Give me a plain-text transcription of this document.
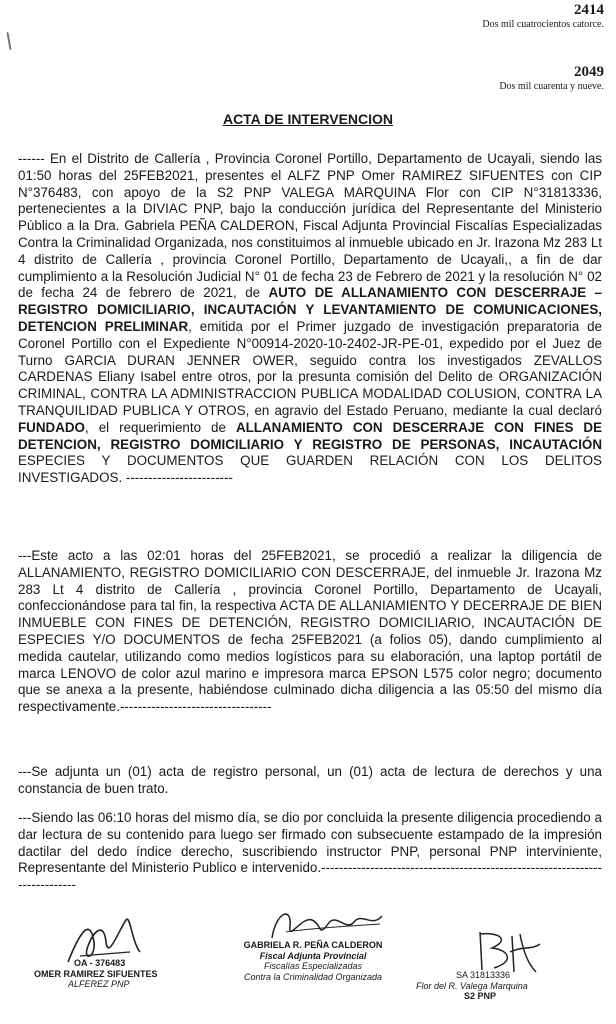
2414
Dos mil cuatrocientos catorce.
2049
Dos mil cuarenta y nueve.
ACTA DE INTERVENCION

------ En el Distrito de Callería , Provincia Coronel Portillo, Departamento de Ucayali, siendo las 01:50 horas del 25FEB2021, presentes el ALFZ PNP Omer RAMIREZ SIFUENTES con CIP N°376483, con apoyo de la S2 PNP VALEGA MARQUINA Flor con CIP N°31813336, pertenecientes a la DIVIAC PNP, bajo la conducción jurídica del Representante del Ministerio Público a la Dra. Gabriela PEÑA CALDERON, Fiscal Adjunta Provincial Fiscalías Especializadas Contra la Criminalidad Organizada, nos constituimos al inmueble ubicado en Jr. Irazona Mz 283 Lt 4 distrito de Callería , provincia Coronel Portillo, Departamento de Ucayali,, a fin de dar cumplimiento a la Resolución Judicial N° 01 de fecha 23 de Febrero de 2021 y la resolución N° 02 de fecha 24 de febrero de 2021, de AUTO DE ALLANAMIENTO CON DESCERRAJE – REGISTRO DOMICILIARIO, INCAUTACIÓN Y LEVANTAMIENTO DE COMUNICACIONES, DETENCION PRELIMINAR, emitida por el Primer juzgado de investigación preparatoria de Coronel Portillo con el Expediente N°00914-2020-10-2402-JR-PE-01, expedido por el Juez de Turno GARCIA DURAN JENNER OWER, seguido contra los investigados ZEVALLOS CARDENAS Eliany Isabel entre otros, por la presunta comisión del Delito de ORGANIZACIÓN CRIMINAL, CONTRA LA ADMINISTRACCION PUBLICA MODALIDAD COLUSION, CONTRA LA TRANQUILIDAD PUBLICA Y OTROS, en agravio del Estado Peruano, mediante la cual declaró FUNDADO, el requerimiento de ALLANAMIENTO CON DESCERRAJE CON FINES DE DETENCION, REGISTRO DOMICILIARIO Y REGISTRO DE PERSONAS, INCAUTACIÓN ESPECIES Y DOCUMENTOS QUE GUARDEN RELACIÓN CON LOS DELITOS INVESTIGADOS. ------------------------

---Este acto a las 02:01 horas del 25FEB2021, se procedió a realizar la diligencia de ALLANAMIENTO, REGISTRO DOMICILIARIO CON DESCERRAJE, del inmueble Jr. Irazona Mz 283 Lt 4 distrito de Callería , provincia Coronel Portillo, Departamento de Ucayali, confeccionándose para tal fin, la respectiva ACTA DE ALLANIAMIENTO Y DECERRAJE DE BIEN INMUEBLE CON FINES DE DETENCIÓN, REGISTRO DOMICILIARIO, INCAUTACIÓN DE ESPECIES Y/O DOCUMENTOS de fecha 25FEB2021 (a folios 05), dando cumplimiento al medida cautelar, utilizando como medios logísticos para su elaboración, una laptop portátil de marca LENOVO de color azul marino e impresora marca EPSON L575 color negro; documento que se anexa a la presente, habiéndose culminado dicha diligencia a las 05:50 del mismo día respectivamente.----------------------------------

---Se adjunta un (01) acta de registro personal, un (01) acta de lectura de derechos y una constancia de buen trato.

---Siendo las 06:10 horas del mismo día, se dio por concluida la presente diligencia procediendo a dar lectura de su contenido para luego ser firmado con subsecuente estampado de la impresión dactilar del dedo índice derecho, suscribiendo instructor PNP, personal PNP interviniente, Representante del Ministerio Publico e intervenido.----------------------------------------------------------------------------

OA - 376483
OMER RAMIREZ SIFUENTES
ALFEREZ PNP
GABRIELA R. PEÑA CALDERON
Fiscal Adjunta Provincial
Fiscalías Especializadas
Contra la Criminalidad Organizada	SA 31813336
Flor del R. Valega Marquina
S2 PNP
